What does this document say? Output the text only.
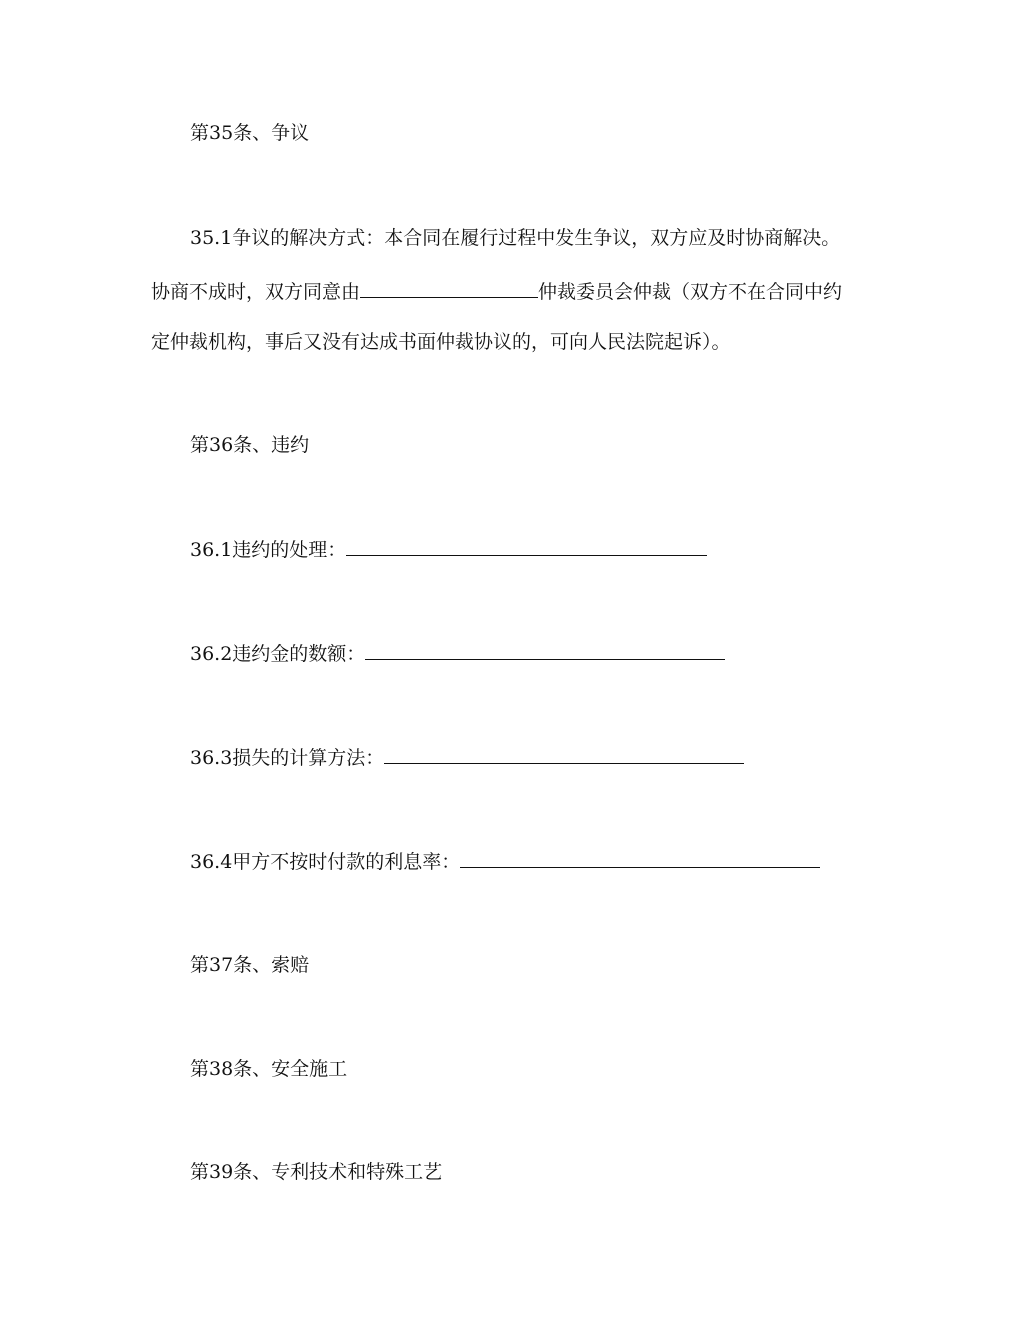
第35条、争议
35.1争议的解决方式：本合同在履行过程中发生争议，双方应及时协商解决。
协商不成时，双方同意由	仲裁委员会仲裁（双方不在合同中约
定仲裁机构，事后又没有达成书面仲裁协议的，可向人民法院起诉）。
第36条、违约
36.1违约的处理：
36.2违约金的数额：
36.3损失的计算方法：
36.4甲方不按时付款的利息率：
第37条、索赔
第38条、安全施工
第39条、专利技术和特殊工艺
